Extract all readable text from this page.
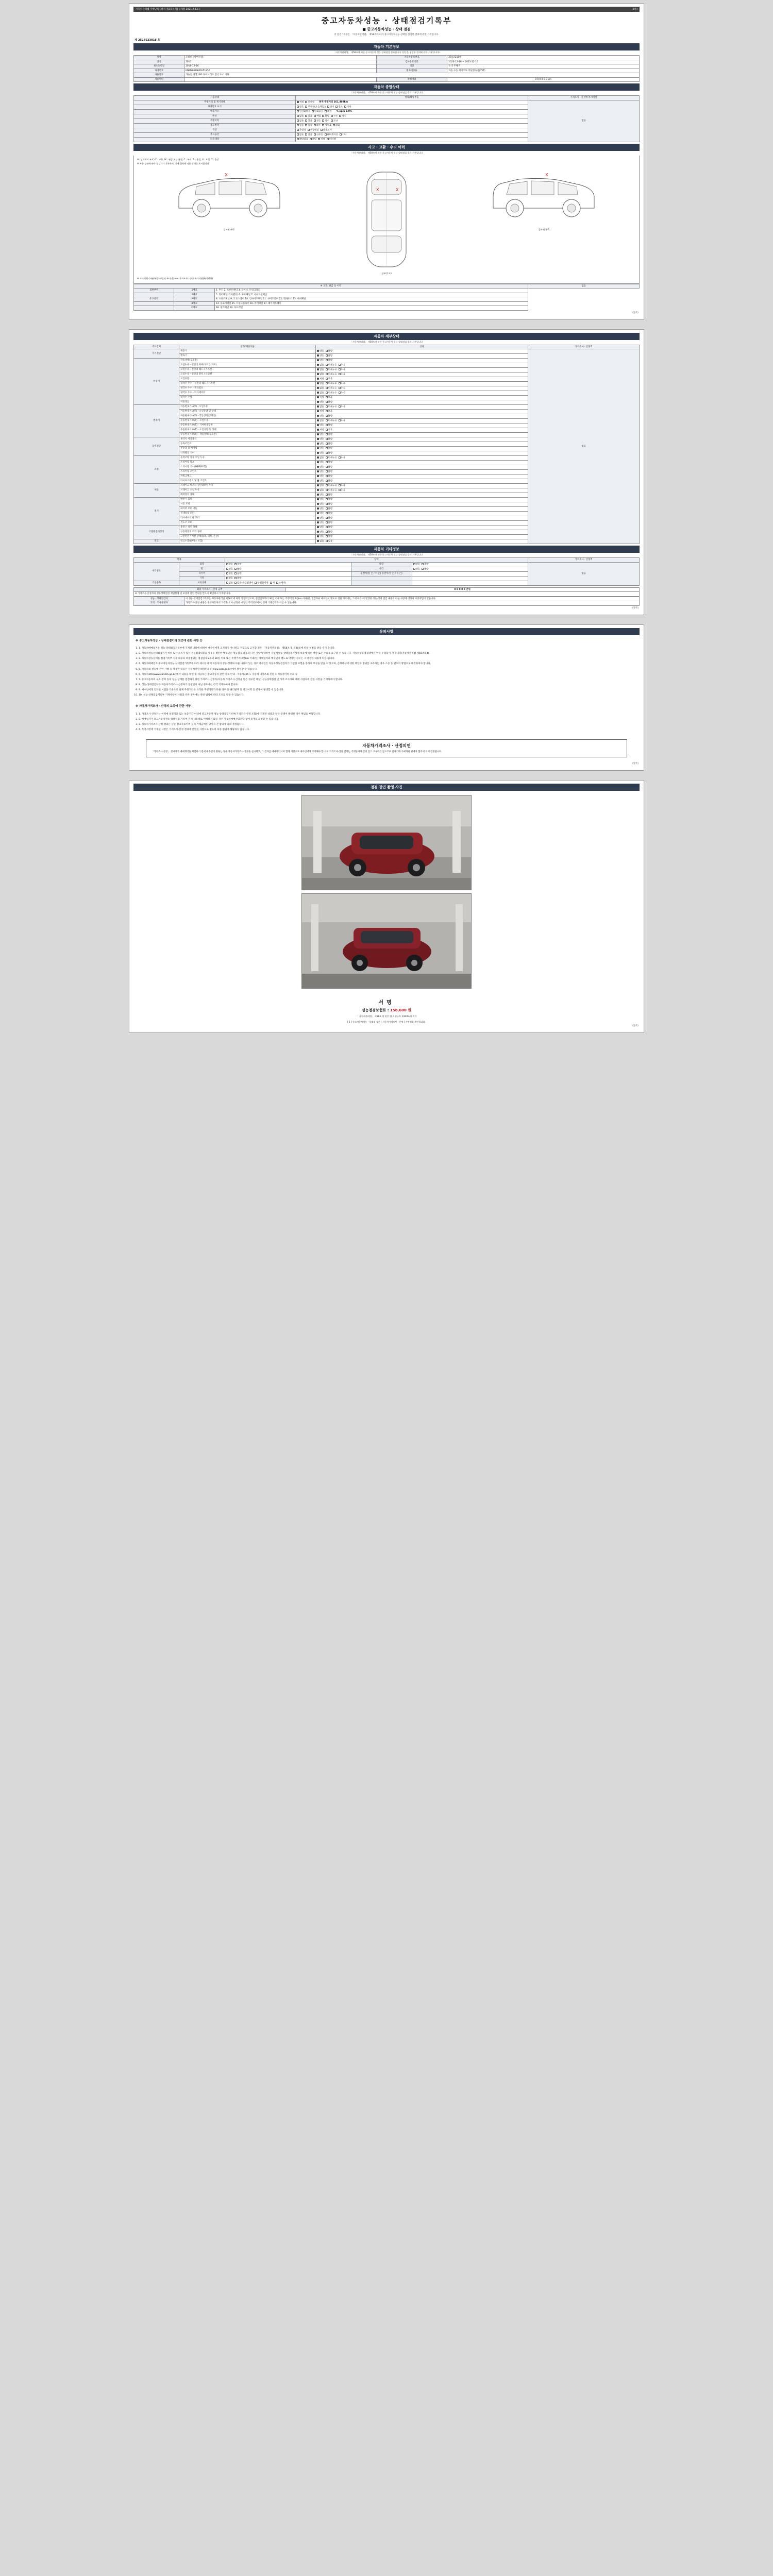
자동차관리법 시행규칙 [별지 제3호서식] <개정 2021.7.13.>	(1쪽)
중고자동차성능 · 상태점검기록부
■ 중고자동차성능 · 상태 점검
이 점검기록부는 「자동차관리법」 제58조에 따라 중고자동차성능·상태를 점검한 결과에 관한 기록입니다.
제 2527523818 호
자동차 기본정보
「자동차관리법」 제58조에 따른 중고자동차 성능·상태점검 결과입니다 (성능을 점검한 결과에 관한 기록입니다)
차명	모하비 (세부모델)	자동차등록번호	274더2159
연식	2017	검사유효기간	2023-12-16 ~ 2025-12-16
최초등록일	2016-12-16	색상	유색 무채색
차대번호	KNMS61EN4DV51850	변속기종류	자동 수동 세미오토 무단변속기(CVT)
사용연료	가솔린 디젤 LPG 하이브리드 전기 수소 기타		
사용이력		주행거리	0 0 0 0 0 0 km
자동차 종합상태
「자동차관리법」 제58조에 따른 중고자동차 성능·상태점검 결과 기록입니다
사용상태	항목/해당부품	가격조사 · 산정액 특기사항
주행거리 및 계기상태	적정 부적정 현재 주행거리 161,498km	없음
차대번호 표기	양호 부적정(오손/훼손) 상이 변조 기타	
배출가스	일산화탄소 탄화수소 매연 % ppm 2.0%	
튜닝	없음 있음 적법 불법 구조 장치	
특별이력	없음 있음 전손 침수 도난	
용도변경	없음 있음 렌트 영업용 관용	
색상	무변경 색상변경 전체도색	
주요옵션	없음 있음 선루프 내비게이션 기타	
리콜대상	해당없음 해당 이행 미이행	
사고 · 교환 · 수리 이력
「자동차관리법」 제58조에 따른 중고자동차 성능·상태점검 결과 기록입니다
※ (상태표시 부호) X : 교환, W : 판금 또는 용접, C : 부식, A : 흠집, U : 요철, T : 손상
※ 차량 상태에 따라 점검자가 기록하며, 기재 위치에 따른 상태를 표시합니다.
X
앞바퀴 좌측
X	X
상부(루프)
X
앞바퀴 우측
※ 사고이력 (외판/판금 수밀도) ※ 단위:mm 가격조사 · 산정 특기사항(특이사항)
※ 교환, 판금 등 이력			없음
외판부위	1랭크	1. 후드 2. 프론트펜더 3. 도어 4. 트렁크리드	
	2랭크	5. 쿼터패널(리어펜더) 6. 루프패널 7. 사이드실패널	
주요골격	A랭크	8. 프론트패널 9. 크로스멤버 10. 인사이드패널 11. 사이드멤버 12. 휠하우스 13. 대쉬패널	
	B랭크	14. 플로어패널 15. 트렁크플로어 16. 리어패널 17. 패키지트레이	
	C랭크	18. 필러패널 19. 루프레일	
(앞쪽)
자동차 세부상태
「자동차관리법」 제58조에 따른 중고자동차 성능·상태점검 결과 기록입니다
주요장치	항목/해당부품	상태	가격조사 · 산정액
자기진단	원동기	양호 불량	없음
	변속기	양호 불량	
원동기	작동상태(공회전)	양호 불량	
	오일누유 - 실린더 커버(로커암 커버)	없음 미세누유 누유	
	오일누유 - 실린더 헤드 / 가스켓	없음 미세누유 누유	
	오일누유 - 실린더 블록 / 오일팬	없음 미세누유 누유	
	오일유량	적정 부족	
	냉각수 누수 - 실린더 헤드 / 가스켓	없음 미세누수 누수	
	냉각수 누수 - 워터펌프	없음 미세누수 누수	
	냉각수 누수 - 라디에이터	없음 미세누수 누수	
	냉각수 수량	적정 부족	
	커먼레일	양호 불량	
변속기	자동변속기(A/T) - 오일누유	없음 미세누유 누유	
	자동변속기(A/T) - 오일유량 및 상태	적정 부족	
	자동변속기(A/T) - 작동상태(공회전)	양호 불량	
	수동변속기(M/T) - 오일누유	없음 미세누유 누유	
	수동변속기(M/T) - 기어변속장치	양호 불량	
	수동변속기(M/T) - 오일유량 및 상태	적정 부족	
	수동변속기(M/T) - 작동상태(공회전)	양호 불량	
동력전달	클러치 어셈블리	양호 불량	
	등속조인트	양호 불량	
	추진축 및 베어링	양호 불량	
	디퍼렌셜 기어	양호 불량	
조향	동력조향 작동 오일 누유	없음 미세누유 누유	
	스티어링 펌프	양호 불량	
	스티어링 기어(MDPS포함)	양호 불량	
	스티어링 조인트	양호 불량	
	파워크랭크	양호 불량	
	타이로드엔드 및 볼 조인트	양호 불량	
제동	브레이크 마스터 실린더오일 누유	없음 미세누유 누유	
	브레이크 오일 누유	없음 미세누유 누유	
	배력장치 상태	양호 불량	
전기	발전기 출력	양호 불량	
	시동 모터	양호 불량	
	와이퍼 모터 기능	양호 불량	
	실내송풍 모터	양호 불량	
	라디에이터 팬 모터	양호 불량	
	윈도우 모터	양호 불량	
고전원전기장치	충전구 절연 상태	양호 불량	
	구동축전지 격리 상태	양호 불량	
	고전원전기배선 상태(접촉, 피복, 손상)	양호 불량	
연료	연료누출(LP가스 포함)	없음 있음	
자동차 기타정보
「자동차관리법」 제58조에 따른 중고자동차 성능·상태점검 결과 기록입니다
항목		상태			가격조사 · 산정액
수리필요	외장	양호 불량	내장	양호 불량	없음
	휠	양호 불량	유리	양호 불량	
	타이어	양호 불량	운전석(앞 □ / 뒤 □) 동반석(앞 □ / 뒤 □)		
	기타	양호 불량			
기본품목	보유상태	없음 있음(취급설명서 안전삼각대 잭 스패너)			
최종 가격조사 · 산정 금액	0 0 0 0 0 만원
※ 가격조사·산정자의 성능상태점검 책임한계 및 보증에 관한 안내를 반드시 확인하시기 바랍니다.
성능 · 상태점검자	이 성능·상태점검기록부는 자동차관리법 제58조에 따라 작성되었으며, 점검일로부터 30일 이내 또는 주행거리 2천km 이내(단, 점검자와 매수인이 별도로 정한 경우에는 그에 따름)에 발생한 성능·상태 점검 내용과 다른 사항에 대하여 보증책임이 있습니다.
가격 · 조사산정자	가격조사·산정 내용은 중고자동차의 가격을 조사·산정한 시점의 가격정보이며, 실제 거래금액과 다를 수 있습니다.
(앞쪽)
유의사항
※ 중고자동차성능 · 상태점검기의 보증에 관한 사항 등
1. 1. 자동차매매업자는 성능·상태점검기록부에 기재된 내용에 대하여 매수인에게 고지하기 아니하고 거짓으로 고지할 경우 「자동차관리법」 제58조 및 제80조에 따라 처벌을 받을 수 있습니다.
2. 2. 자동차성능상태점검자가 허위 또는 오류가 있는 성능점검내용을 사용을 확인한 매수인은 성능점검 내용과 다른 사항에 대하여 자동차성능·상태점검자에게 보증에 따른 배상 또는 수리를 요구할 수 있습니다. 자동차성능점검장에서 이를 수리할 수 있습니다(자동차관리법 제58조의4).
3. 3. 자동차성능상태를 점검기록부 기재 내용의 보증범위는 점검일자로부터 30일 이내 또는 주행거리 2천km 이내(단, 매매업자와 매수인이 별도로 약정한 경우는 그 약정한 내용에 따름)입니다.
4. 4. 자동차매매업자 중고자동차성능·상태점검기록부에 따라 제시한 매매 자동차의 성능·상태와 다른 내용이 있는 경우 매수인은 자동차성능점검자가 가입한 보험을 통하여 보상을 받을 수 있으며, 손해배상에 대한 책임의 범위를 초과하는 경우 소송 등 별도의 방법으로 해결하여야 합니다.
5. 5. 자동차의 성능에 관한 사항 등 상세한 내용은 자동차민원 대국민포털(www.ecar.go.kr)에서 확인할 수 있습니다.
6. 6. 자동차365(www.car365.go.kr)에서 내용을 확인 및 제공하는 중고자동차 관련 정보 안내 - 자동차365 > 자동차 내역조회 진단 > 자동차이력 조회 등
7. 7. 중고자동차의 구조·장치 등의 성능·상태를 점검하기 위한 가격조사·산정자(자동차 가격조사·산정을 받은 경우만 해당) 성능상태점검 및 가격 조사자와 매매 사업자에 관한 사항을 기재하여야 합니다.
8. 8. 성능·상태점검자와 자동차가격조사·산정자가 동일인이 아닌 경우에는 각각 기재하여야 합니다.
9. 9. 매수인에게 인도된 시점을 기준으로 실제 주행거리와 표기된 주행거리가 다른 경우 등 권리관계 및 사고이력 등 분쟁이 발생할 수 있습니다.
10. 10. 성능·상태점검기록부 기재사항이 사실과 다른 경우에는 관련 법령에 따라 조치를 받을 수 있습니다.
※ 자동차가격조사 · 산정의 보증에 관한 사항
1. 1. 가격조사·산정자는 이력에 설정기간 또는 보증기간 이내에 중고자동차 성능·상태점검기록부(가격조사·산정 포함)에 기재된 내용과 달라 분쟁이 발생한 경우 책임을 부담합니다.
2. 2. 매매업자가 중고자동차성능·상태점검 기록부 기재 내용대로 이행하지 않을 경우 자동차매매사업조합 등에 중재를 요청할 수 있습니다.
3. 3. 자동차가격조사·산정 결과는 단순 참고자료이며 실제 거래금액은 당사자 간 합의에 따라 결정됩니다.
4. 4. 특기사항에 기재된 사항은 가격조사·산정 결과에 반영된 사항으로 별도의 보증 범위에 해당하지 않습니다.
자동차가격조사 · 산정의연
「가격조사·산정」 실시자가 매매계약을 체결하기 전에 매수인이 원하는 경우 자동차가격조사·산정을 실시하고, 그 결과를 매매계약서와 함께 서면으로 매수인에게 고지해야 합니다. 가격조사·산정 결과는 거래당사자 간의 참고 구속력은 없으므로 실제거래 구매자와 판매자 협의에 의해 결정됩니다.
(앞쪽)
점검 장면 촬영 사진
서명
성능점검보험료 : 158,600 원
「 자동차관리법」 제58조 및 같은 법 시행규칙 제120조에 의거
[ 1 ] 중고자동차성능 · 상태점 검은 [ 자동차가격조사 · 산정 ] 자란점을 확인합니다.
(앞쪽)
